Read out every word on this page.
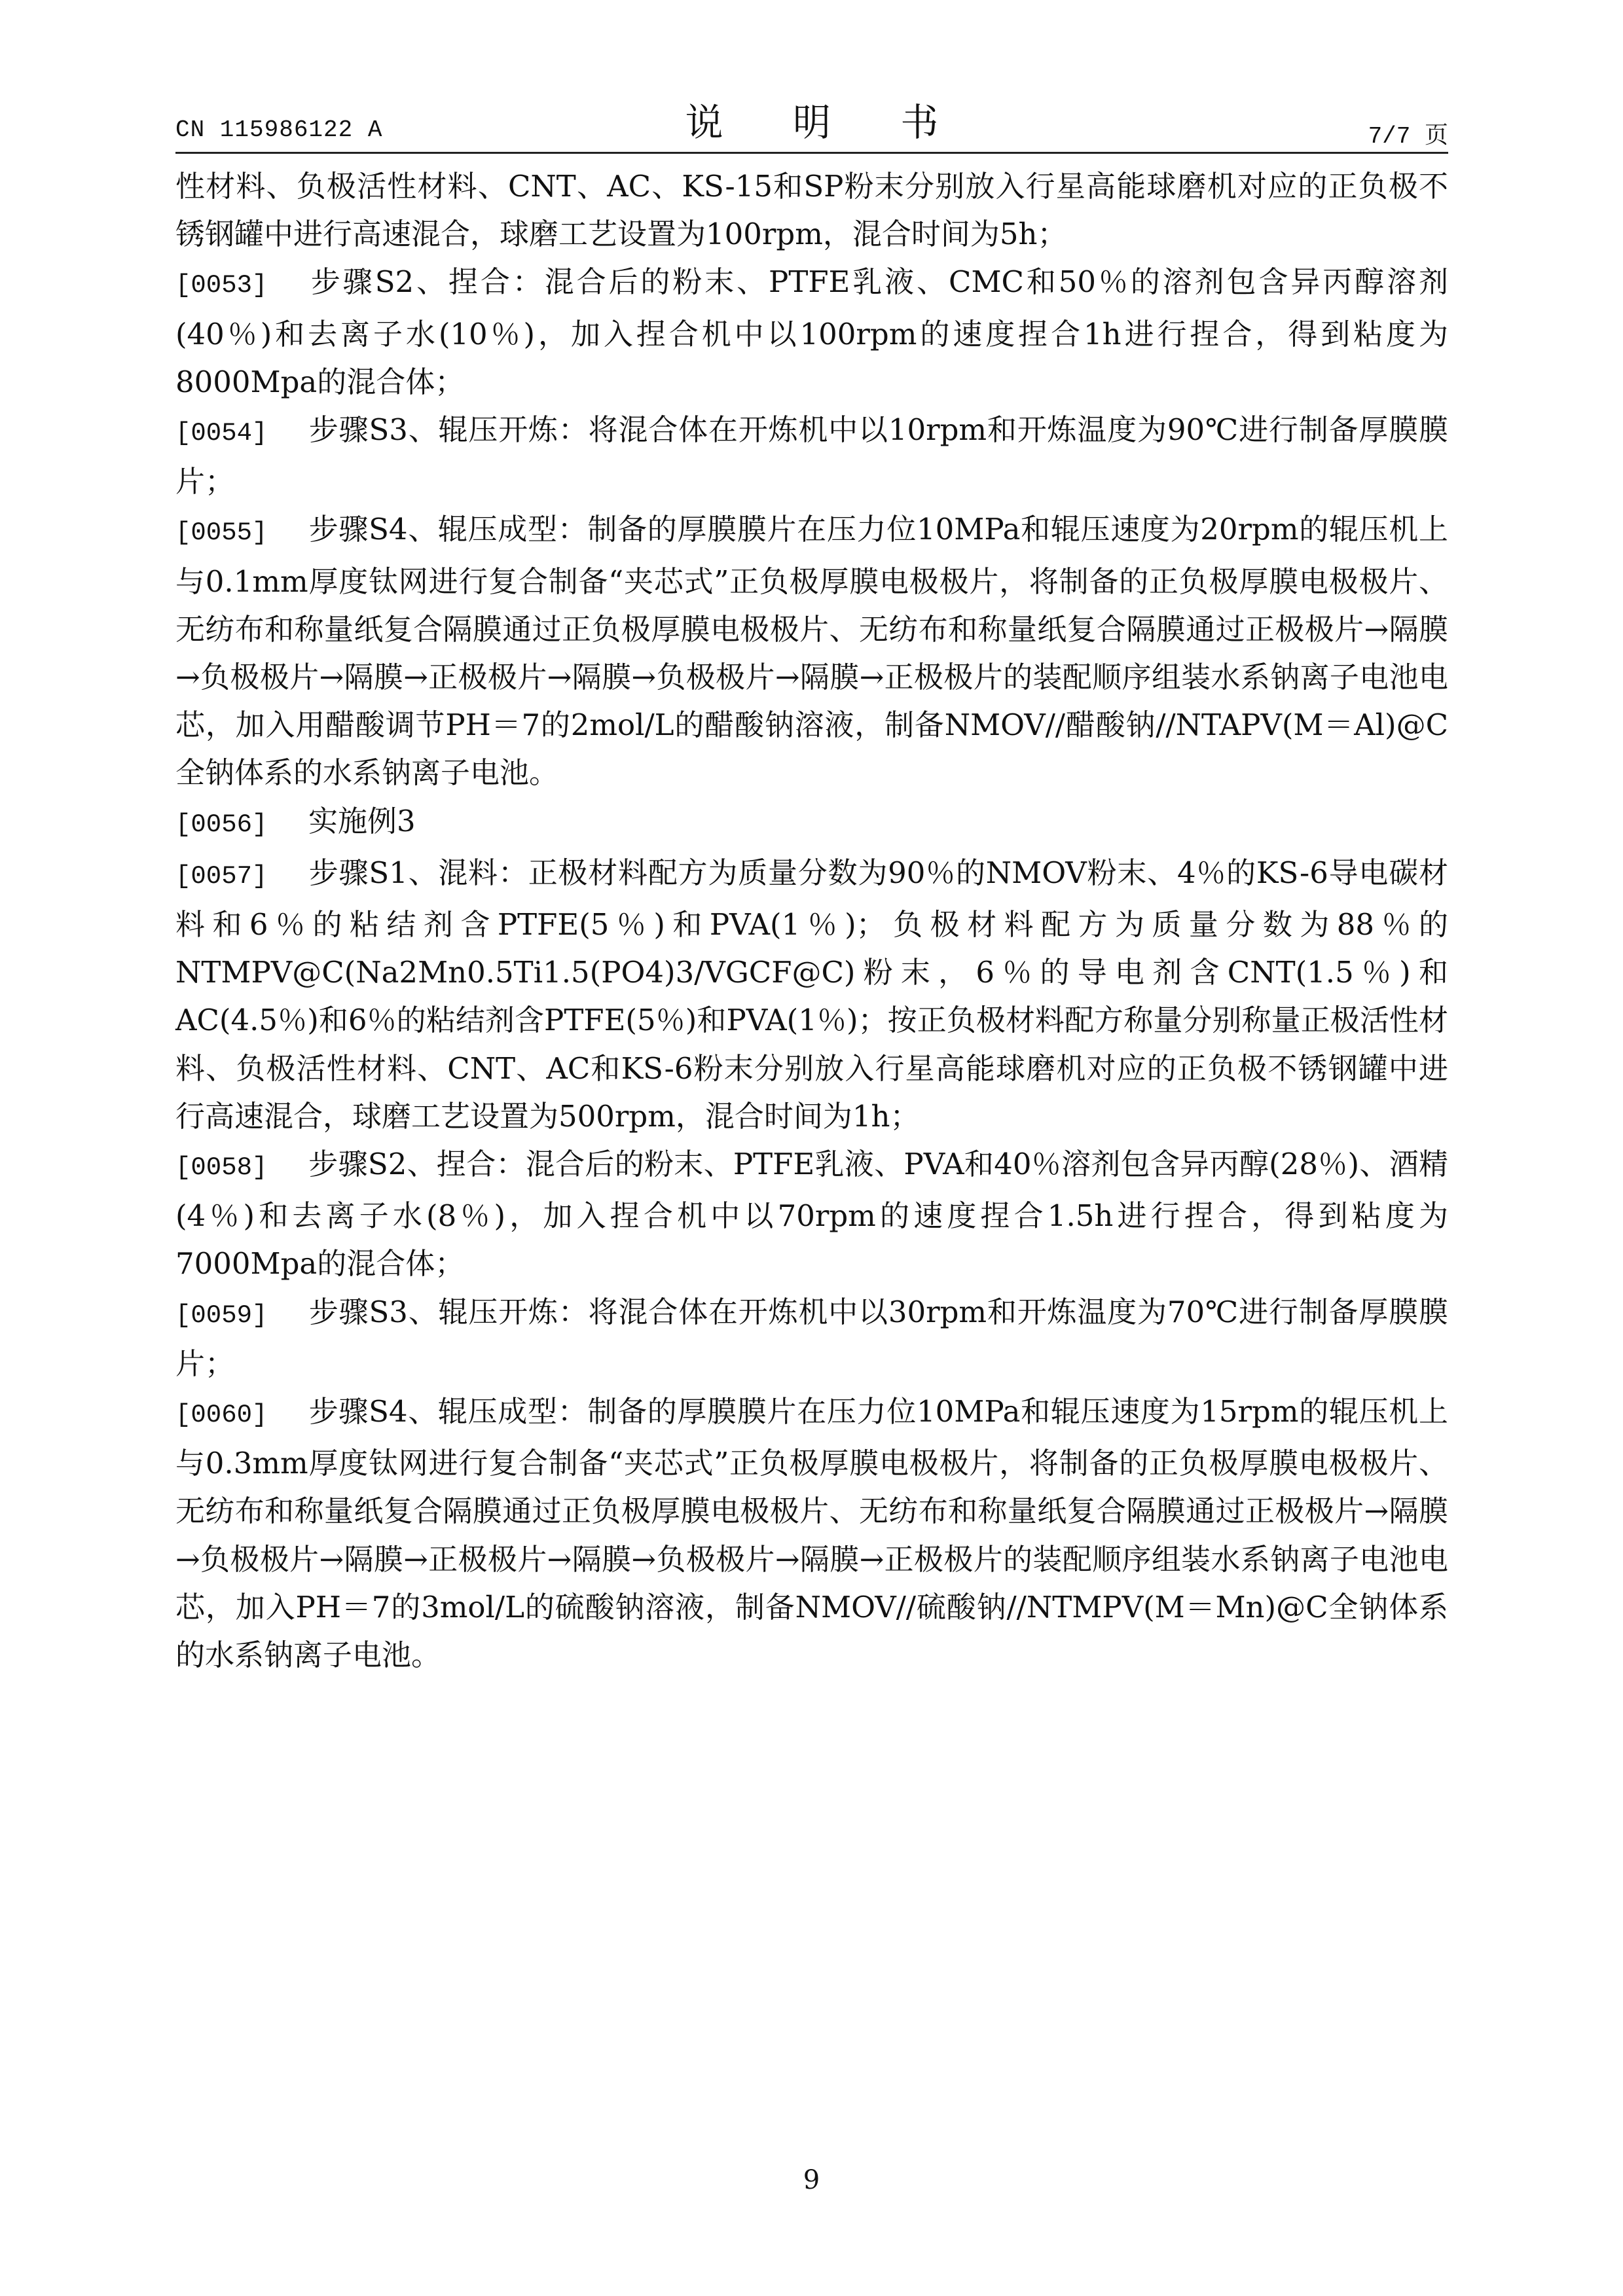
CN 115986122 A	说 明 书	7/7 页

性材料、负极活性材料、CNT、AC、KS-15和SP粉末分别放入行星高能球磨机对应的正负极不锈钢罐中进行高速混合，球磨工艺设置为100rpm，混合时间为5h；

[0053] 步骤S2、捏合：混合后的粉末、PTFE乳液、CMC和50％的溶剂包含异丙醇溶剂(40％)和去离子水(10％)，加入捏合机中以100rpm的速度捏合1h进行捏合，得到粘度为8000Mpa的混合体；

[0054] 步骤S3、辊压开炼：将混合体在开炼机中以10rpm和开炼温度为90℃进行制备厚膜膜片；

[0055] 步骤S4、辊压成型：制备的厚膜膜片在压力位10MPa和辊压速度为20rpm的辊压机上与0.1mm厚度钛网进行复合制备“夹芯式”正负极厚膜电极极片，将制备的正负极厚膜电极极片、无纺布和称量纸复合隔膜通过正负极厚膜电极极片、无纺布和称量纸复合隔膜通过正极极片→隔膜→负极极片→隔膜→正极极片→隔膜→负极极片→隔膜→正极极片的装配顺序组装水系钠离子电池电芯，加入用醋酸调节PH＝7的2mol/L的醋酸钠溶液，制备NMOV//醋酸钠//NTAPV(M＝Al)@C全钠体系的水系钠离子电池。

[0056] 实施例3

[0057] 步骤S1、混料：正极材料配方为质量分数为90％的NMOV粉末、4％的KS-6导电碳材料和6％的粘结剂含PTFE(5％)和PVA(1％)；负极材料配方为质量分数为88％的NTMPV@C(Na2Mn0.5Ti1.5(PO4)3/VGCF@C)粉末，6％的导电剂含CNT(1.5％)和AC(4.5％)和6％的粘结剂含PTFE(5％)和PVA(1％)；按正负极材料配方称量分别称量正极活性材料、负极活性材料、CNT、AC和KS-6粉末分别放入行星高能球磨机对应的正负极不锈钢罐中进行高速混合，球磨工艺设置为500rpm，混合时间为1h；

[0058] 步骤S2、捏合：混合后的粉末、PTFE乳液、PVA和40％溶剂包含异丙醇(28％)、酒精(4％)和去离子水(8％)，加入捏合机中以70rpm的速度捏合1.5h进行捏合，得到粘度为7000Mpa的混合体；

[0059] 步骤S3、辊压开炼：将混合体在开炼机中以30rpm和开炼温度为70℃进行制备厚膜膜片；

[0060] 步骤S4、辊压成型：制备的厚膜膜片在压力位10MPa和辊压速度为15rpm的辊压机上与0.3mm厚度钛网进行复合制备“夹芯式”正负极厚膜电极极片，将制备的正负极厚膜电极极片、无纺布和称量纸复合隔膜通过正负极厚膜电极极片、无纺布和称量纸复合隔膜通过正极极片→隔膜→负极极片→隔膜→正极极片→隔膜→负极极片→隔膜→正极极片的装配顺序组装水系钠离子电池电芯，加入PH＝7的3mol/L的硫酸钠溶液，制备NMOV//硫酸钠//NTMPV(M＝Mn)@C全钠体系的水系钠离子电池。

9
